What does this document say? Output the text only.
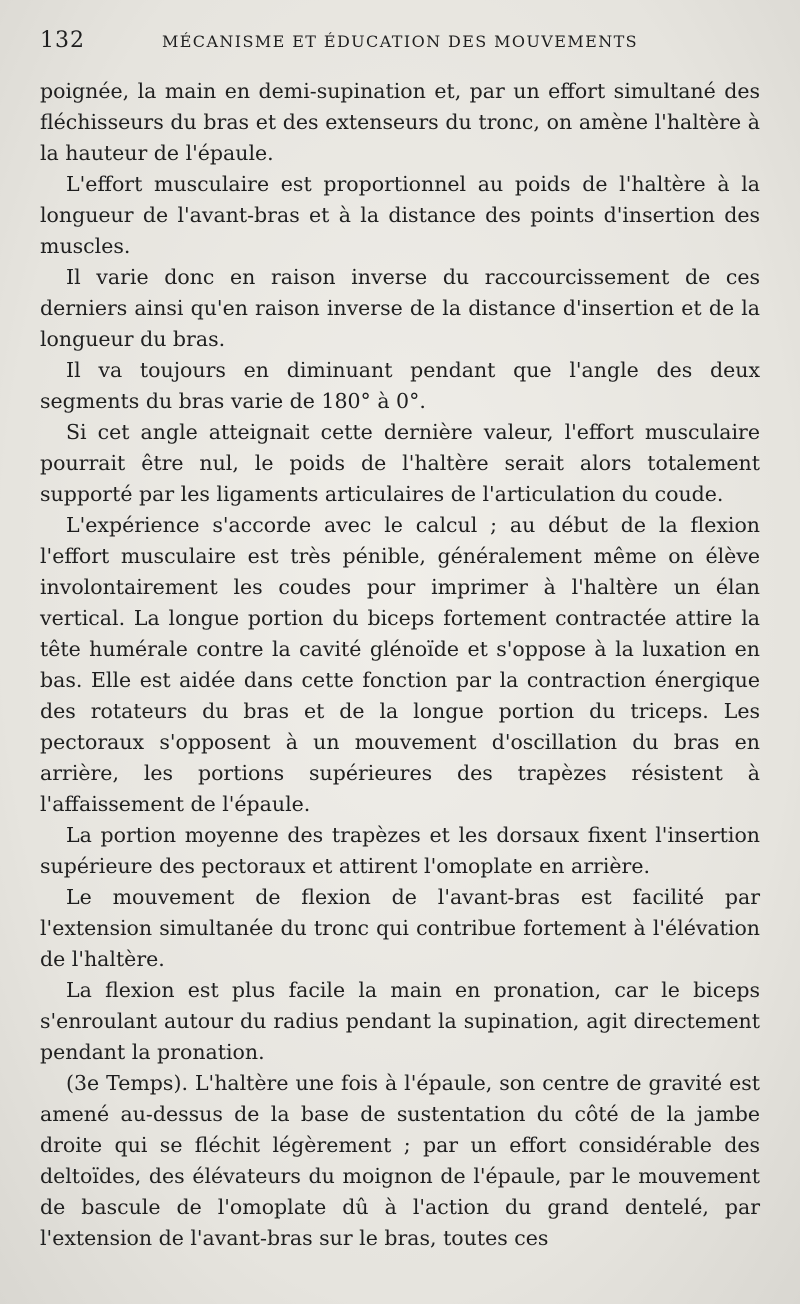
132	MÉCANISME ET ÉDUCATION DES MOUVEMENTS

poignée, la main en demi-supination et, par un effort simultané des fléchisseurs du bras et des extenseurs du tronc, on amène l'haltère à la hauteur de l'épaule.

L'effort musculaire est proportionnel au poids de l'haltère à la longueur de l'avant-bras et à la distance des points d'insertion des muscles.

Il varie donc en raison inverse du raccourcissement de ces derniers ainsi qu'en raison inverse de la distance d'insertion et de la longueur du bras.

Il va toujours en diminuant pendant que l'angle des deux segments du bras varie de 180° à 0°.

Si cet angle atteignait cette dernière valeur, l'effort musculaire pourrait être nul, le poids de l'haltère serait alors totalement supporté par les ligaments articulaires de l'articulation du coude.

L'expérience s'accorde avec le calcul ; au début de la flexion l'effort musculaire est très pénible, généralement même on élève involontairement les coudes pour imprimer à l'haltère un élan vertical. La longue portion du biceps fortement contractée attire la tête humérale contre la cavité glénoïde et s'oppose à la luxation en bas. Elle est aidée dans cette fonction par la contraction énergique des rotateurs du bras et de la longue portion du triceps. Les pectoraux s'opposent à un mouvement d'oscillation du bras en arrière, les portions supérieures des trapèzes résistent à l'affaissement de l'épaule.

La portion moyenne des trapèzes et les dorsaux fixent l'insertion supérieure des pectoraux et attirent l'omoplate en arrière.

Le mouvement de flexion de l'avant-bras est facilité par l'extension simultanée du tronc qui contribue fortement à l'élévation de l'haltère.

La flexion est plus facile la main en pronation, car le biceps s'enroulant autour du radius pendant la supination, agit directement pendant la pronation.

(3e Temps). L'haltère une fois à l'épaule, son centre de gravité est amené au-dessus de la base de sustentation du côté de la jambe droite qui se fléchit légèrement ; par un effort considérable des deltoïdes, des élévateurs du moignon de l'épaule, par le mouvement de bascule de l'omoplate dû à l'action du grand dentelé, par l'extension de l'avant-bras sur le bras, toutes ces
